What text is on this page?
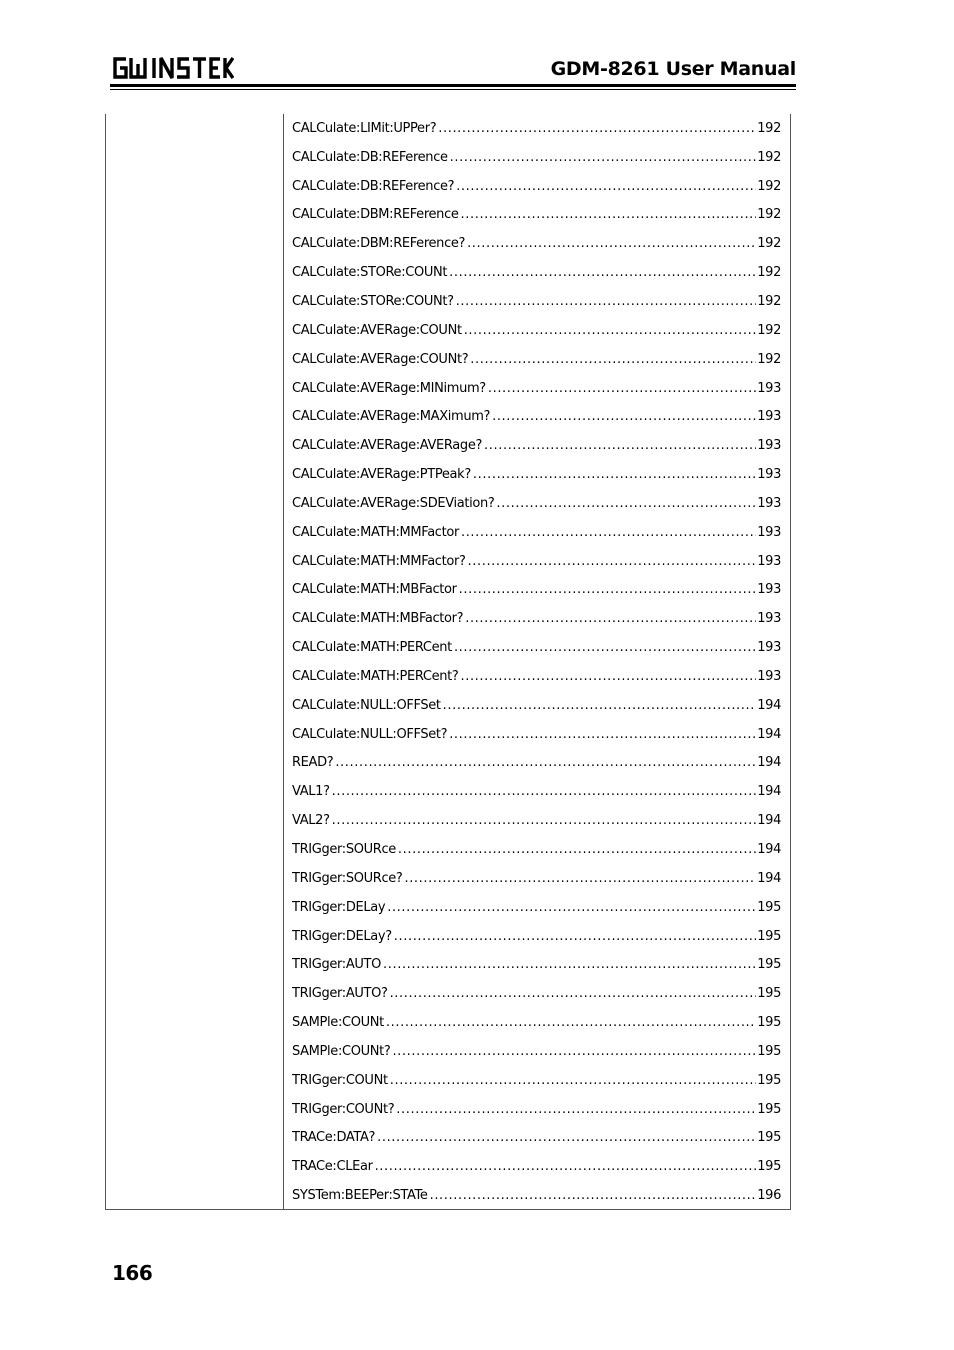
GDM-8261 User Manual
CALCulate:LIMit:UPPer? .....	192
CALCulate:DB:REFerence .....	192
CALCulate:DB:REFerence? .....	192
CALCulate:DBM:REFerence .....	192
CALCulate:DBM:REFerence? .....	192
CALCulate:STORe:COUNt .....	192
CALCulate:STORe:COUNt? .....	192
CALCulate:AVERage:COUNt .....	192
CALCulate:AVERage:COUNt? .....	192
CALCulate:AVERage:MINimum? .....	193
CALCulate:AVERage:MAXimum? .....	193
CALCulate:AVERage:AVERage? .....	193
CALCulate:AVERage:PTPeak? .....	193
CALCulate:AVERage:SDEViation? .....	193
CALCulate:MATH:MMFactor .....	193
CALCulate:MATH:MMFactor? .....	193
CALCulate:MATH:MBFactor .....	193
CALCulate:MATH:MBFactor? .....	193
CALCulate:MATH:PERCent .....	193
CALCulate:MATH:PERCent? .....	193
CALCulate:NULL:OFFSet .....	194
CALCulate:NULL:OFFSet? .....	194
READ? .....	194
VAL1? .....	194
VAL2? .....	194
TRIGger:SOURce .....	194
TRIGger:SOURce? .....	194
TRIGger:DELay .....	195
TRIGger:DELay? .....	195
TRIGger:AUTO .....	195
TRIGger:AUTO? .....	195
SAMPle:COUNt .....	195
SAMPle:COUNt? .....	195
TRIGger:COUNt .....	195
TRIGger:COUNt? .....	195
TRACe:DATA? .....	195
TRACe:CLEar .....	195
SYSTem:BEEPer:STATe .....	196
166
